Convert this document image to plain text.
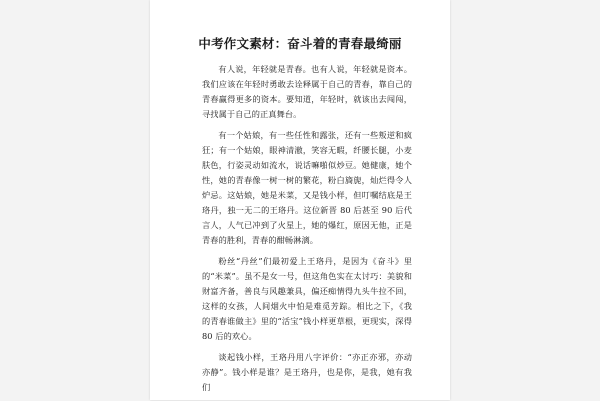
中考作文素材：奋斗着的青春最绮丽

有人说，年轻就是青春。也有人说，年轻就是资本。我们应该在年轻时勇敢去诠释属于自己的青春，靠自己的青春赢得更多的资本。要知道，年轻时，就该出去闯闯，寻找属于自己的正真舞台。

有一个姑娘，有一些任性和露张，还有一些叛逆和疯狂；有一个姑娘，眼神清澈，笑容无暇，纤腰长腿，小麦肤色，行姿灵动如流水，说话嘛啪似炒豆。她健康，她个性，她的青春像一树一树的繁花，粉白旖旎，灿烂得令人炉忌。这姑娘，她是米菜，又是钱小样，但叮嘱结底是王珞丹，独一无二的王珞丹。这位新晋 80 后甚至 90 后代言人，人气已冲到了火星上，她的爆红，原因无他，正是青春的胜利，青春的酣畅淋漓。

粉丝“丹丝”们最初爱上王珞丹，是因为《奋斗》里的“米菜”。虽不是女一号，但这角色实在太讨巧：美貌和财富齐备，善良与风趣兼具，偏还痴情得九头牛拉不回，这样的女孩，人间烟火中怕是难觅芳踪。相比之下，《我的青春谁做主》里的“活宝”钱小样更草根，更现实，深得 80 后的欢心。

谈起钱小样，王珞丹用八字评价：“亦正亦邪，亦动亦静”。钱小样是谁？是王珞丹，也是你，是我，她有我们
